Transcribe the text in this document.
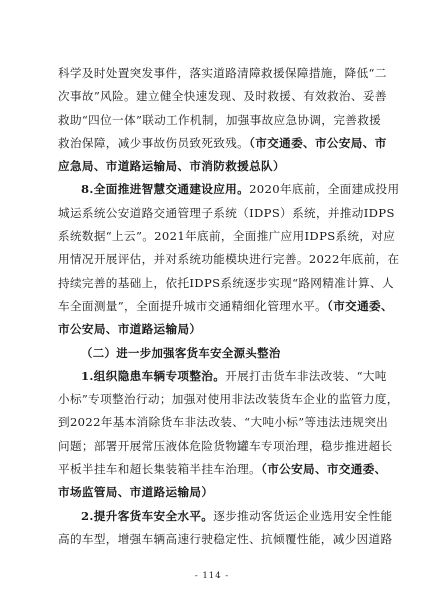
科学及时处置突发事件，落实道路清障救援保障措施，降低“二
次事故”风险。建立健全快速发现、及时救援、有效救治、妥善
救助“四位一体”联动工作机制，加强事故应急协调，完善救援
救治保障，减少事故伤员致死致残。（市交通委、市公安局、市
应急局、市道路运输局、市消防救援总队）
8.全面推进智慧交通建设应用。2020年底前，全面建成投用
城运系统公安道路交通管理子系统（IDPS）系统，并推动IDPS
系统数据“上云”。2021年底前，全面推广应用IDPS系统，对应
用情况开展评估，并对系统功能模块进行完善。2022年底前，在
持续完善的基础上，依托IDPS系统逐步实现“路网精准计算、人
车全面测量”，全面提升城市交通精细化管理水平。（市交通委、
市公安局、市道路运输局）
（二）进一步加强客货车安全源头整治
1.组织隐患车辆专项整治。开展打击货车非法改装、“大吨
小标”专项整治行动；加强对使用非法改装货车企业的监管力度，
到2022年基本消除货车非法改装、“大吨小标”等违法违规突出
问题；部署开展常压液体危险货物罐车专项治理，稳步推进超长
平板半挂车和超长集装箱半挂车治理。（市公安局、市交通委、
市场监管局、市道路运输局）
2.提升客货车安全水平。逐步推动客货运企业选用安全性能
高的车型，增强车辆高速行驶稳定性、抗倾覆性能，减少因道路
- 114 -
